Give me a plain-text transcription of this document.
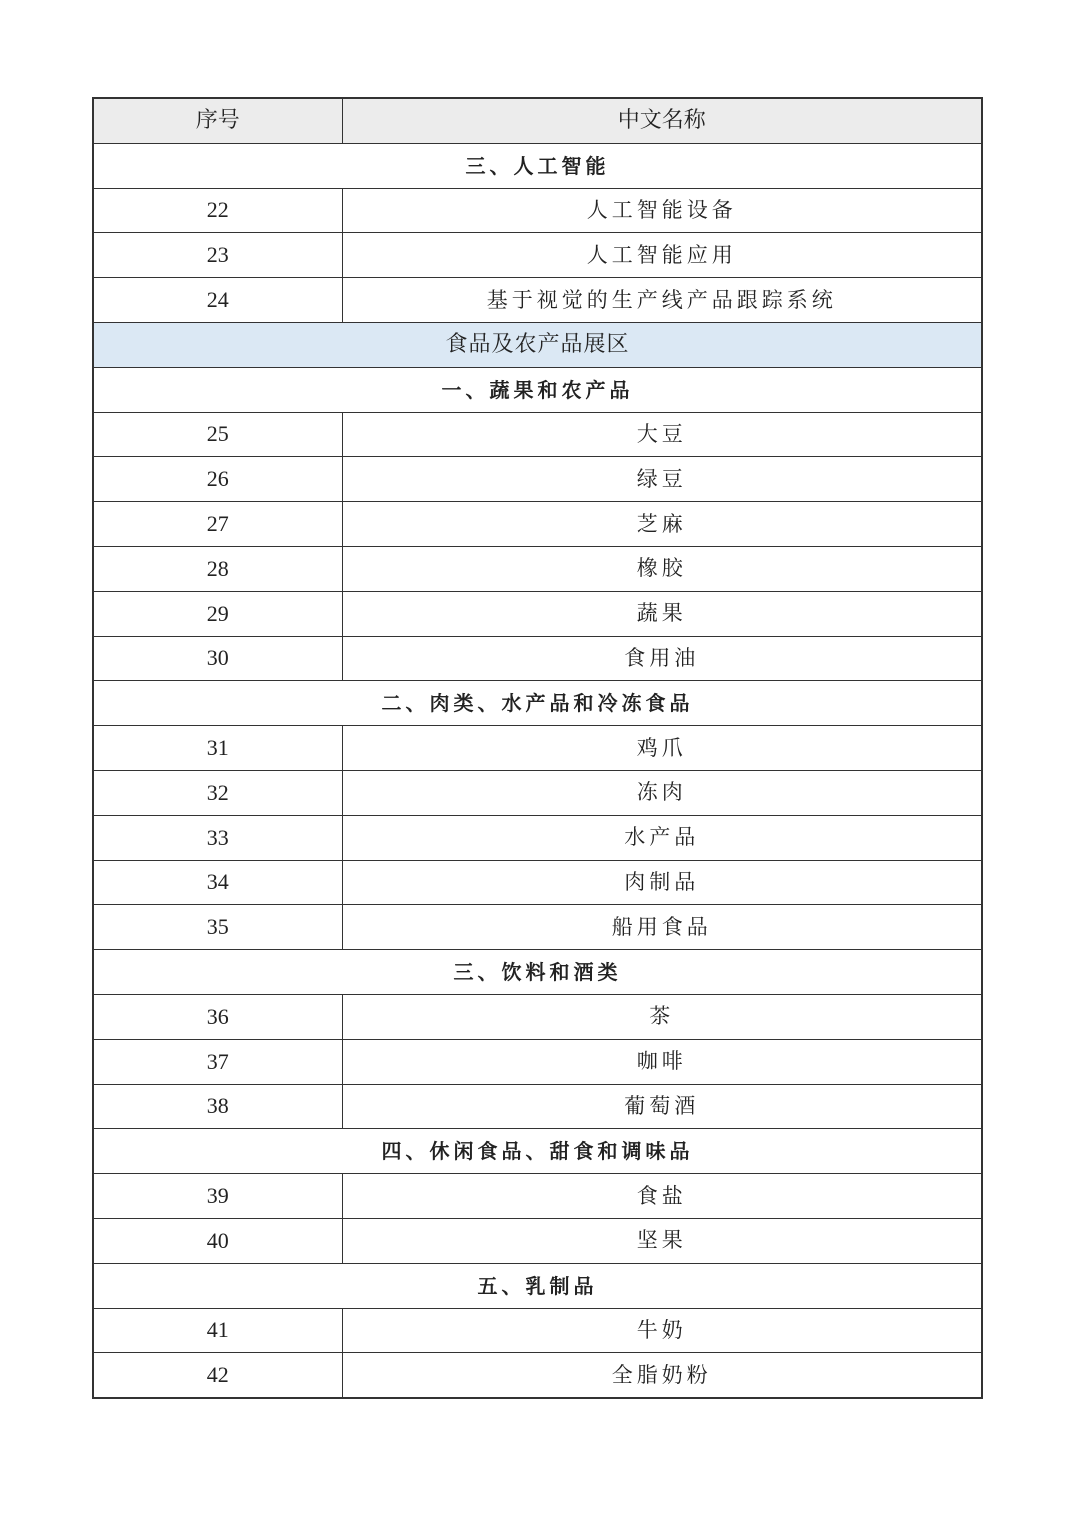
序号	中文名称
三、人工智能	
22	人工智能设备
23	人工智能应用
24	基于视觉的生产线产品跟踪系统
食品及农产品展区	
一、蔬果和农产品	
25	大豆
26	绿豆
27	芝麻
28	橡胶
29	蔬果
30	食用油
二、肉类、水产品和冷冻食品	
31	鸡爪
32	冻肉
33	水产品
34	肉制品
35	船用食品
三、饮料和酒类	
36	茶
37	咖啡
38	葡萄酒
四、休闲食品、甜食和调味品	
39	食盐
40	坚果
五、乳制品	
41	牛奶
42	全脂奶粉
